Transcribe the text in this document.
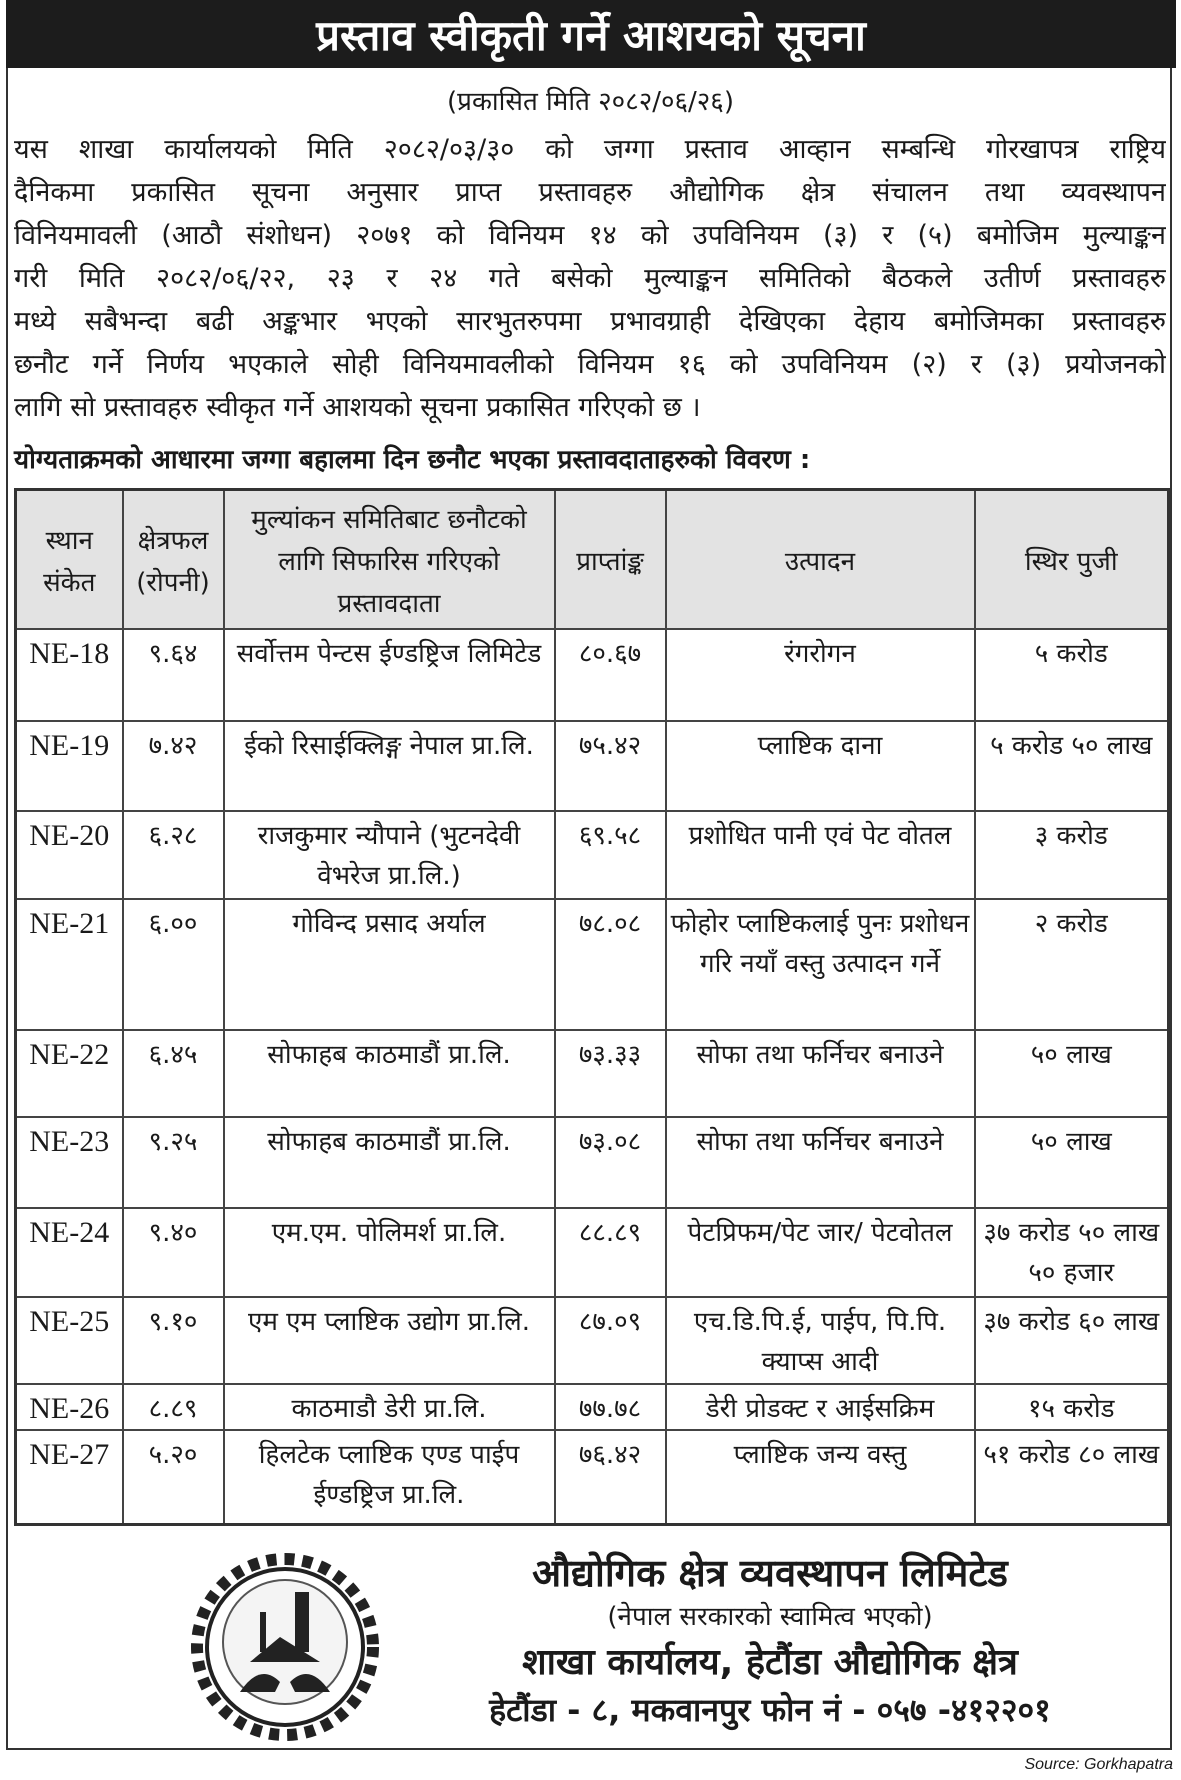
प्रस्ताव स्वीकृती गर्ने आशयको सूचना
(प्रकासित मिति २०८२/०६/२६)
यस शाखा कार्यालयको मिति २०८२/०३/३० को जग्गा प्रस्ताव आव्हान सम्बन्धि गोरखापत्र राष्ट्रिय
दैनिकमा प्रकासित सूचना अनुसार प्राप्त प्रस्तावहरु औद्योगिक क्षेत्र संचालन तथा व्यवस्थापन
विनियमावली (आठौ संशोधन) २०७१ को विनियम १४ को उपविनियम (३) र (५) बमोजिम मुल्याङ्कन
गरी मिति २०८२/०६/२२, २३ र २४ गते बसेको मुल्याङ्कन समितिको बैठकले उतीर्ण प्रस्तावहरु
मध्ये सबैभन्दा बढी अङ्कभार भएको सारभुतरुपमा प्रभावग्राही देखिएका देहाय बमोजिमका प्रस्तावहरु
छनौट गर्ने निर्णय भएकाले सोही विनियमावलीको विनियम १६ को उपविनियम (२) र (३) प्रयोजनको
लागि सो प्रस्तावहरु स्वीकृत गर्ने आशयको सूचना प्रकासित गरिएको छ ।
योग्यताक्रमको आधारमा जग्गा बहालमा दिन छनौट भएका प्रस्तावदाताहरुको विवरण :
स्थान संकेत	क्षेत्रफल (रोपनी)	मुल्यांकन समितिबाट छनौटको लागि सिफारिस गरिएको प्रस्तावदाता	प्राप्तांङ्क	उत्पादन	स्थिर पुजी
NE-18	९.६४	सर्वोत्तम पेन्टस ईण्डष्ट्रिज लिमिटेड	८०.६७	रंगरोगन	५ करोड
NE-19	७.४२	ईको रिसाईक्लिङ्ग नेपाल प्रा.लि.	७५.४२	प्लाष्टिक दाना	५ करोड ५० लाख
NE-20	६.२८	राजकुमार न्यौपाने (भुटनदेवी वेभरेज प्रा.लि.)	६९.५८	प्रशोधित पानी एवं पेट वोतल	३ करोड
NE-21	६.००	गोविन्द प्रसाद अर्याल	७८.०८	फोहोर प्लाष्टिकलाई पुनः प्रशोधन गरि नयाँ वस्तु उत्पादन गर्ने	२ करोड
NE-22	६.४५	सोफाहब काठमाडौं प्रा.लि.	७३.३३	सोफा तथा फर्निचर बनाउने	५० लाख
NE-23	९.२५	सोफाहब काठमाडौं प्रा.लि.	७३.०८	सोफा तथा फर्निचर बनाउने	५० लाख
NE-24	९.४०	एम.एम. पोलिमर्श प्रा.लि.	८८.८९	पेटप्रिफम/पेट जार/ पेटवोतल	३७ करोड ५० लाख ५० हजार
NE-25	९.१०	एम एम प्लाष्टिक उद्योग प्रा.लि.	८७.०९	एच.डि.पि.ई, पाईप, पि.पि. क्याप्स आदी	३७ करोड ६० लाख
NE-26	८.८९	काठमाडौ डेरी प्रा.लि.	७७.७८	डेरी प्रोडक्ट र आईसक्रिम	१५ करोड
NE-27	५.२०	हिलटेक प्लाष्टिक एण्ड पाईप ईण्डष्ट्रिज प्रा.लि.	७६.४२	प्लाष्टिक जन्य वस्तु	५१ करोड ८० लाख
औद्योगिक क्षेत्र व्यवस्थापन लिमिटेड
(नेपाल सरकारको स्वामित्व भएको)
शाखा कार्यालय, हेटौंडा औद्योगिक क्षेत्र
हेटौंडा - ८, मकवानपुर फोन नं - ०५७ -४१२२०१
Source: Gorkhapatra
